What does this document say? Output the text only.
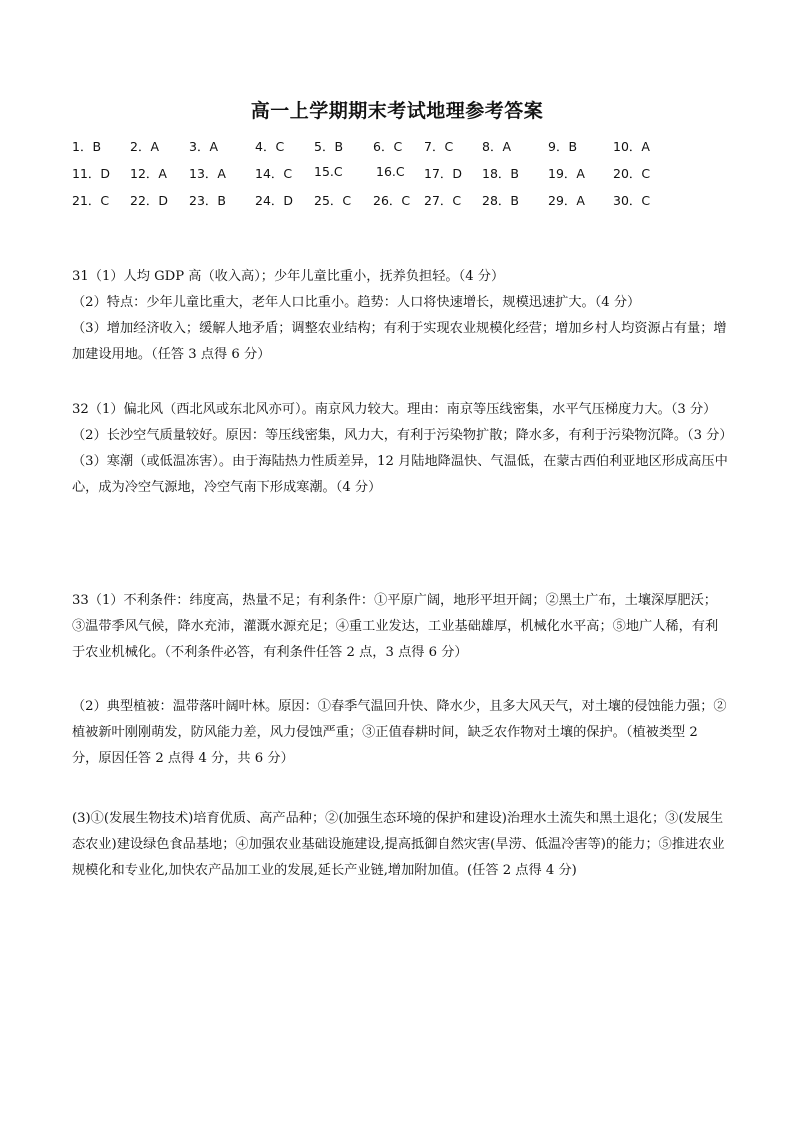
高一上学期期末考试地理参考答案
1．B 2．A 3．A	4．C 5．B 6．C 7．C 8．A	9．B	10．A
11．D 12．A 13．A 14．C 15.C	16.C 17．D 18．B 19．A 20．C
21．C 22．D 23．B 24．D 25．C 26．C 27．C 28．B 29．A 30．C

31（1）人均 GDP 高（收入高）；少年儿童比重小，抚养负担轻。（4 分）

（2）特点：少年儿童比重大，老年人口比重小。趋势：人口将快速增长，规模迅速扩大。（4 分）

（3）增加经济收入；缓解人地矛盾；调整农业结构；有利于实现农业规模化经营；增加乡村人均资源占有量；增加建设用地。（任答 3 点得 6 分）

32（1）偏北风（西北风或东北风亦可）。南京风力较大。理由：南京等压线密集，水平气压梯度力大。（3 分）

（2）长沙空气质量较好。原因：等压线密集，风力大，有利于污染物扩散；降水多，有利于污染物沉降。（3 分）

（3）寒潮（或低温冻害）。由于海陆热力性质差异，12 月陆地降温快、气温低，在蒙古西伯利亚地区形成高压中心，成为冷空气源地，冷空气南下形成寒潮。（4 分）

33（1）不利条件：纬度高，热量不足；有利条件：①平原广阔，地形平坦开阔；②黑土广布，土壤深厚肥沃；③温带季风气候，降水充沛，灌溉水源充足；④重工业发达，工业基础雄厚，机械化水平高；⑤地广人稀，有利于农业机械化。（不利条件必答，有利条件任答 2 点，3 点得 6 分）

（2）典型植被：温带落叶阔叶林。原因：①春季气温回升快、降水少，且多大风天气，对土壤的侵蚀能力强；②植被新叶刚刚萌发，防风能力差，风力侵蚀严重；③正值春耕时间，缺乏农作物对土壤的保护。（植被类型 2 分，原因任答 2 点得 4 分，共 6 分）

(3)①(发展生物技术)培育优质、高产品种；②(加强生态环境的保护和建设)治理水土流失和黑土退化；③(发展生态农业)建设绿色食品基地；④加强农业基础设施建设,提高抵御自然灾害(旱涝、低温冷害等)的能力；⑤推进农业规模化和专业化,加快农产品加工业的发展,延长产业链,增加附加值。(任答 2 点得 4 分)
